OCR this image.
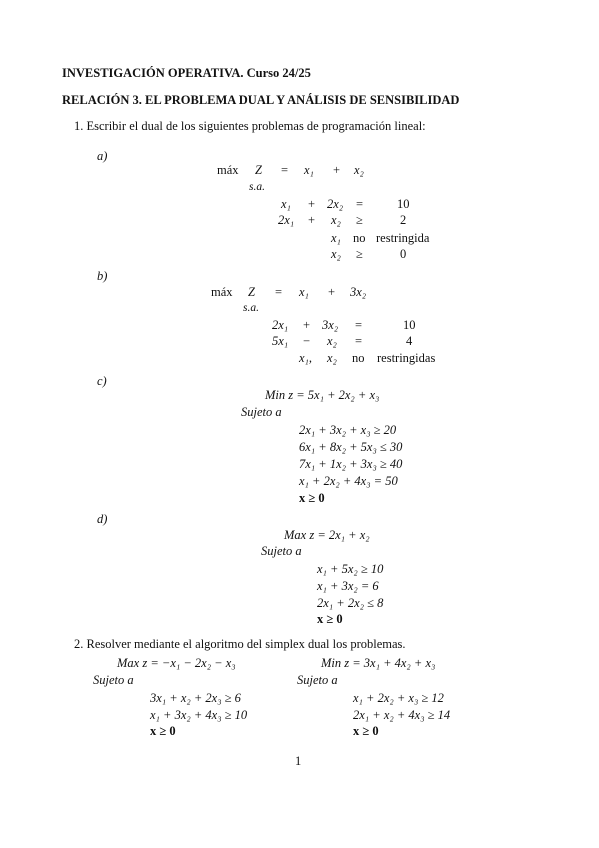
INVESTIGACIÓN OPERATIVA. Curso 24/25
RELACIÓN 3. EL PROBLEMA DUAL Y ANÁLISIS DE SENSIBILIDAD
1. Escribir el dual de los siguientes problemas de programación lineal:
a)
máx Z = x₁ + x₂
s.a.
x₁ + 2x₂ =	10
2x₁ + x₂ ≥	2
x₁ no restringida
x₂ ≥	0
b)
máx Z = x₁ + 3x₂
s.a.
2x₁ + 3x₂ =	10
5x₁ − x₂ =	4
x₁, x₂ no restringidas
c)
Min z = 5x₁ + 2x₂ + x₃
Sujeto a
2x₁ + 3x₂ + x₃ ≥ 20
6x₁ + 8x₂ + 5x₃ ≤ 30
7x₁ + 1x₂ + 3x₃ ≥ 40
x₁ + 2x₂ + 4x₃ = 50
x ≥ 0
d)
Max z = 2x₁ + x₂
Sujeto a
x₁ + 5x₂ ≥ 10
x₁ + 3x₂ = 6
2x₁ + 2x₂ ≤ 8
x ≥ 0
2. Resolver mediante el algoritmo del simplex dual los problemas.
Max z = −x₁ − 2x₂ − x₃
Sujeto a
3x₁ + x₂ + 2x₃ ≥ 6
x₁ + 3x₂ + 4x₃ ≥ 10
x ≥ 0
Min z = 3x₁ + 4x₂ + x₃
Sujeto a
x₁ + 2x₂ + x₃ ≥ 12
2x₁ + x₂ + 4x₃ ≥ 14
x ≥ 0
1
